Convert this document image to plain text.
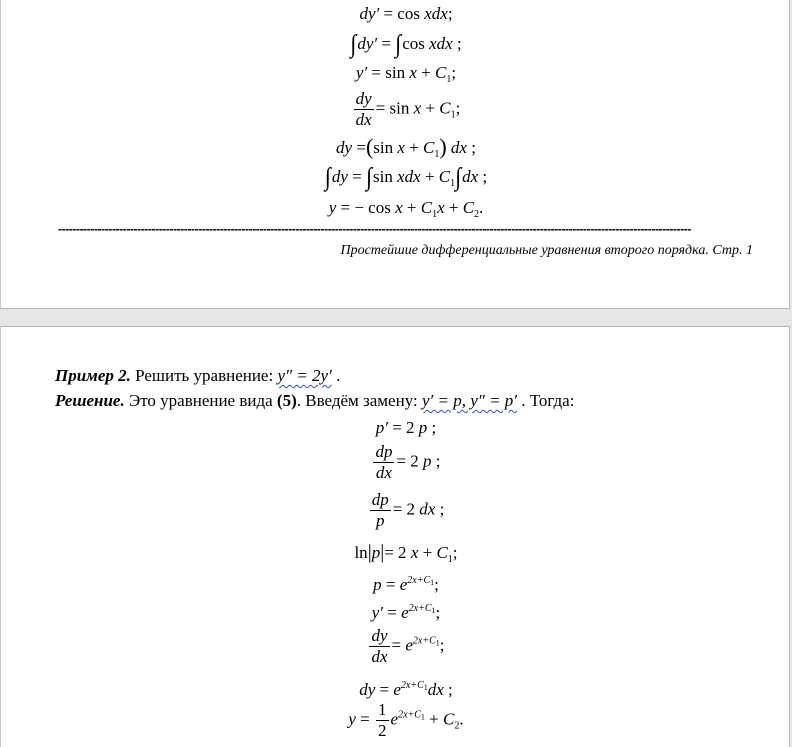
dy′ = cos xdx;
∫dy′ = ∫cos xdx ;
$y' = \sin x + C_1$;
$\frac{dy}{dx} = \sin x + C_1$;
dy =(sin $x + C_1$) dx ;
∫dy = ∫sin xdx + $C_1\int dx$ ;
y = − $\cos x + C_1x + C_2$.
--------------------------------------------------------------------------------------------------------------------------------------------------------------------------------
Простейшие дифференциальные уравнения второго порядка. Стр. 1
Пример 2. Решить уравнение: y″ = 2y′ .
Решение. Это уравнение вида (5). Введём замену: y′ = p, y″ = p′ . Тогда:
p′ = 2 p ;
$\frac{dp}{dx} = 2$ p ;
$\frac{dp}{p} = 2$ dx ;
ln|p|= 2 $x + C_1$;
$p = e^{2x+C1}$;
$y' = e^{2x+C1}$;
$\frac{dy}{dx} = e^{2x+C1}$;
dy = $e^{2x+C1}dx$ ;
$y = \frac{1}{2} e^{2x+C1} + C_2$.
